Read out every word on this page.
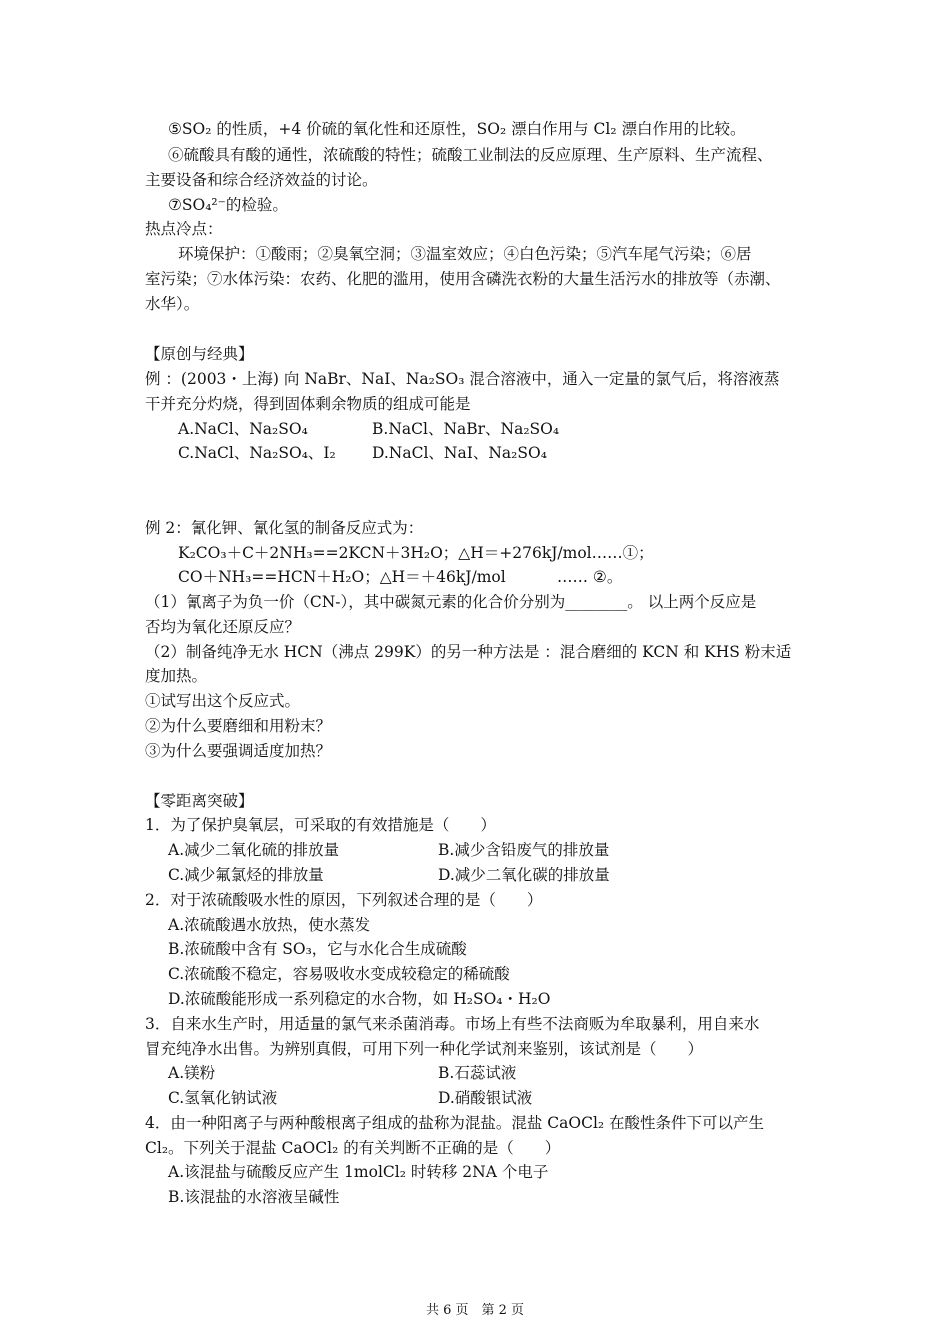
⑤SO₂ 的性质，+4 价硫的氧化性和还原性，SO₂ 漂白作用与 Cl₂ 漂白作用的比较。
⑥硫酸具有酸的通性，浓硫酸的特性；硫酸工业制法的反应原理、生产原料、生产流程、
主要设备和综合经济效益的讨论。
⑦SO₄²⁻的检验。
热点冷点：
环境保护：①酸雨；②臭氧空洞；③温室效应；④白色污染；⑤汽车尾气污染；⑥居
室污染；⑦水体污染：农药、化肥的滥用，使用含磷洗衣粉的大量生活污水的排放等（赤潮、
水华）。
【原创与经典】
例 ：(2003・上海) 向 NaBr、NaI、Na₂SO₃ 混合溶液中，通入一定量的氯气后，将溶液蒸
干并充分灼烧，得到固体剩余物质的组成可能是
A.NaCl、Na₂SO₄	B.NaCl、NaBr、Na₂SO₄
C.NaCl、Na₂SO₄、I₂ D.NaCl、NaI、Na₂SO₄
例 2：氰化钾、氰化氢的制备反应式为：
K₂CO₃＋C＋2NH₃==2KCN＋3H₂O；△H＝+276kJ/mol……①；
CO＋NH₃==HCN＋H₂O；△H＝＋46kJ/mol	…… ②。
（1）氰离子为负一价（CN-），其中碳氮元素的化合价分别为________。 以上两个反应是
否均为氧化还原反应？
（2）制备纯净无水 HCN（沸点 299K）的另一种方法是 ：混合磨细的 KCN 和 KHS 粉末适
度加热。
①试写出这个反应式。
②为什么要磨细和用粉末？
③为什么要强调适度加热？
【零距离突破】
1．为了保护臭氧层，可采取的有效措施是（　　）
A.减少二氧化硫的排放量	B.减少含铅废气的排放量
C.减少氟氯烃的排放量	D.减少二氧化碳的排放量
2．对于浓硫酸吸水性的原因，下列叙述合理的是（　　）
A.浓硫酸遇水放热，使水蒸发
B.浓硫酸中含有 SO₃，它与水化合生成硫酸
C.浓硫酸不稳定，容易吸收水变成较稳定的稀硫酸
D.浓硫酸能形成一系列稳定的水合物，如 H₂SO₄・H₂O
3．自来水生产时，用适量的氯气来杀菌消毒。市场上有些不法商贩为牟取暴利，用自来水
冒充纯净水出售。为辨别真假，可用下列一种化学试剂来鉴别，该试剂是（　　）
A.镁粉	B.石蕊试液
C.氢氧化钠试液	D.硝酸银试液
4．由一种阳离子与两种酸根离子组成的盐称为混盐。混盐 CaOCl₂ 在酸性条件下可以产生
Cl₂。下列关于混盐 CaOCl₂ 的有关判断不正确的是（　　）
A.该混盐与硫酸反应产生 1molCl₂ 时转移 2NA 个电子
B.该混盐的水溶液呈碱性
共 6 页　第 2 页
